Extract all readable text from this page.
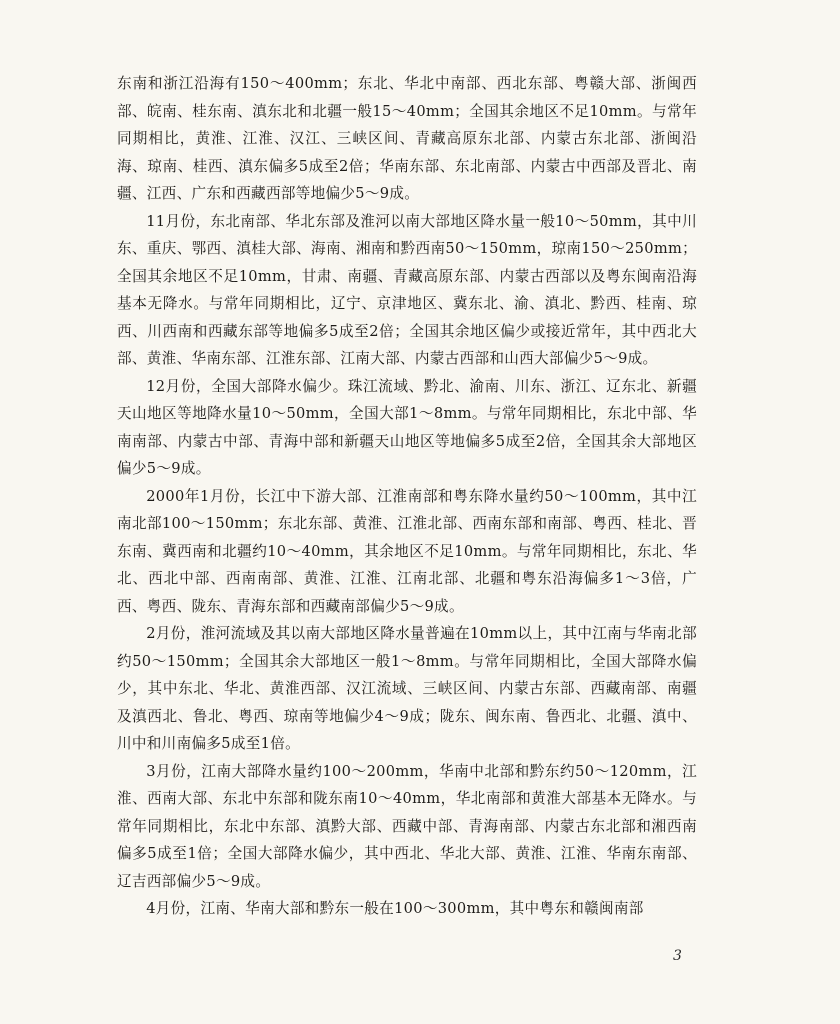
东南和浙江沿海有150～400mm；东北、华北中南部、西北东部、粤赣大部、浙闽西部、皖南、桂东南、滇东北和北疆一般15～40mm；全国其余地区不足10mm。与常年同期相比，黄淮、江淮、汉江、三峡区间、青藏高原东北部、内蒙古东北部、浙闽沿海、琼南、桂西、滇东偏多5成至2倍；华南东部、东北南部、内蒙古中西部及晋北、南疆、江西、广东和西藏西部等地偏少5～9成。

11月份，东北南部、华北东部及淮河以南大部地区降水量一般10～50mm，其中川东、重庆、鄂西、滇桂大部、海南、湘南和黔西南50～150mm，琼南150～250mm；全国其余地区不足10mm，甘肃、南疆、青藏高原东部、内蒙古西部以及粤东闽南沿海基本无降水。与常年同期相比，辽宁、京津地区、冀东北、渝、滇北、黔西、桂南、琼西、川西南和西藏东部等地偏多5成至2倍；全国其余地区偏少或接近常年，其中西北大部、黄淮、华南东部、江淮东部、江南大部、内蒙古西部和山西大部偏少5～9成。

12月份，全国大部降水偏少。珠江流域、黔北、渝南、川东、浙江、辽东北、新疆天山地区等地降水量10～50mm，全国大部1～8mm。与常年同期相比，东北中部、华南南部、内蒙古中部、青海中部和新疆天山地区等地偏多5成至2倍，全国其余大部地区偏少5～9成。

2000年1月份，长江中下游大部、江淮南部和粤东降水量约50～100mm，其中江南北部100～150mm；东北东部、黄淮、江淮北部、西南东部和南部、粤西、桂北、晋东南、冀西南和北疆约10～40mm，其余地区不足10mm。与常年同期相比，东北、华北、西北中部、西南南部、黄淮、江淮、江南北部、北疆和粤东沿海偏多1～3倍，广西、粤西、陇东、青海东部和西藏南部偏少5～9成。

2月份，淮河流域及其以南大部地区降水量普遍在10mm以上，其中江南与华南北部约50～150mm；全国其余大部地区一般1～8mm。与常年同期相比，全国大部降水偏少，其中东北、华北、黄淮西部、汉江流域、三峡区间、内蒙古东部、西藏南部、南疆及滇西北、鲁北、粤西、琼南等地偏少4～9成；陇东、闽东南、鲁西北、北疆、滇中、川中和川南偏多5成至1倍。

3月份，江南大部降水量约100～200mm，华南中北部和黔东约50～120mm，江淮、西南大部、东北中东部和陇东南10～40mm，华北南部和黄淮大部基本无降水。与常年同期相比，东北中东部、滇黔大部、西藏中部、青海南部、内蒙古东北部和湘西南偏多5成至1倍；全国大部降水偏少，其中西北、华北大部、黄淮、江淮、华南东南部、辽吉西部偏少5～9成。

4月份，江南、华南大部和黔东一般在100～300mm，其中粤东和赣闽南部

3
